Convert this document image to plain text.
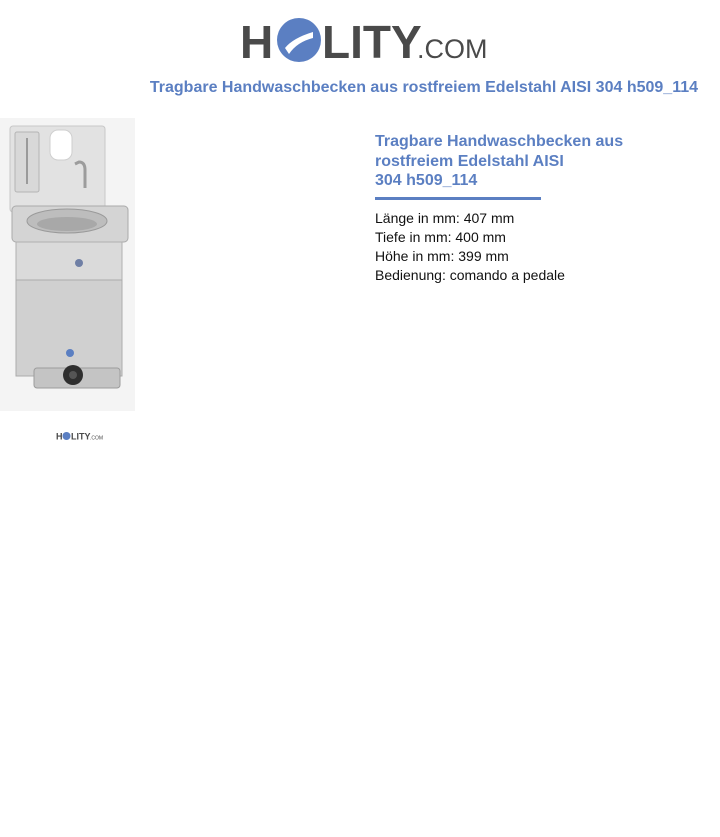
H LITY
.COM
Tragbare Handwaschbecken aus rostfreiem Edelstahl AISI 304 h509_114
H LITY .COM
Tragbare Handwaschbecken aus
rostfreiem Edelstahl AISI
304 h509_114
Länge in mm: 407 mm
Tiefe in mm: 400 mm
Höhe in mm: 399 mm
Bedienung: comando a pedale
